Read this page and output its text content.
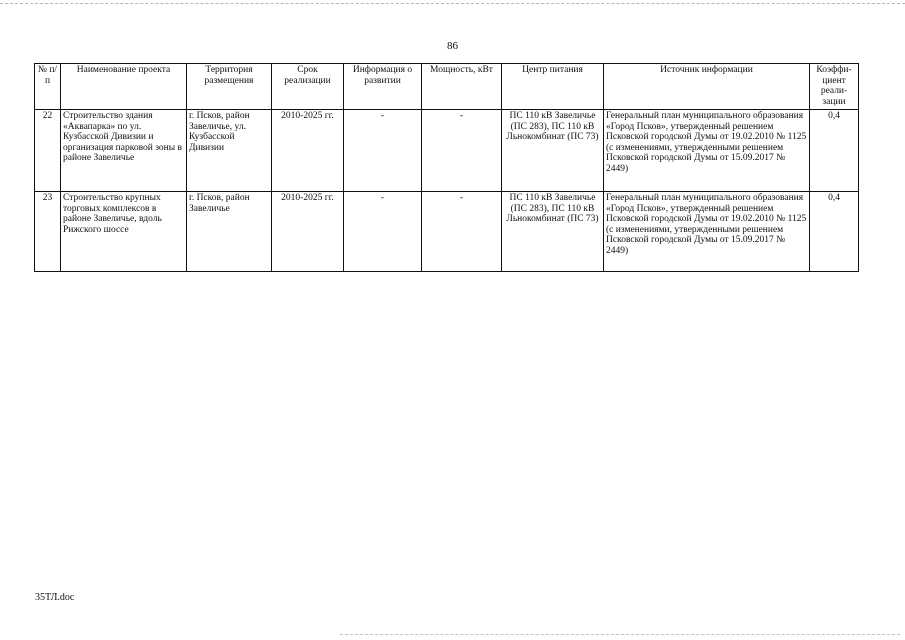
86
№ п/п	Наименование проекта	Территория размещения	Срок реализации	Информация о развитии	Мощность, кВт	Центр питания	Источник информации	Коэффи-циент реали-зации
22	Строительство здания «Аквапарка» по ул. Кузбасской Дивизии и организация парковой зоны в районе Завеличье	г. Псков, район Завеличье, ул. Кузбасской Дивизии	2010-2025 гг.	-	-	ПС 110 кВ Завеличье (ПС 283), ПС 110 кВ Льнокомбинат (ПС 73)	Генеральный план муниципального образования «Город Псков», утвержденный решением Псковской городской Думы от 19.02.2010 № 1125 (с изменениями, утвержденными решением Псковской городской Думы от 15.09.2017 № 2449)	0,4
23	Строительство крупных торговых комплексов в районе Завеличье, вдоль Рижского шоссе	г. Псков, район Завеличье	2010-2025 гг.	-	-	ПС 110 кВ Завеличье (ПС 283), ПС 110 кВ Льнокомбинат (ПС 73)	Генеральный план муниципального образования «Город Псков», утвержденный решением Псковской городской Думы от 19.02.2010 № 1125 (с изменениями, утвержденными решением Псковской городской Думы от 15.09.2017 № 2449)	0,4
35ТЛ.doc
